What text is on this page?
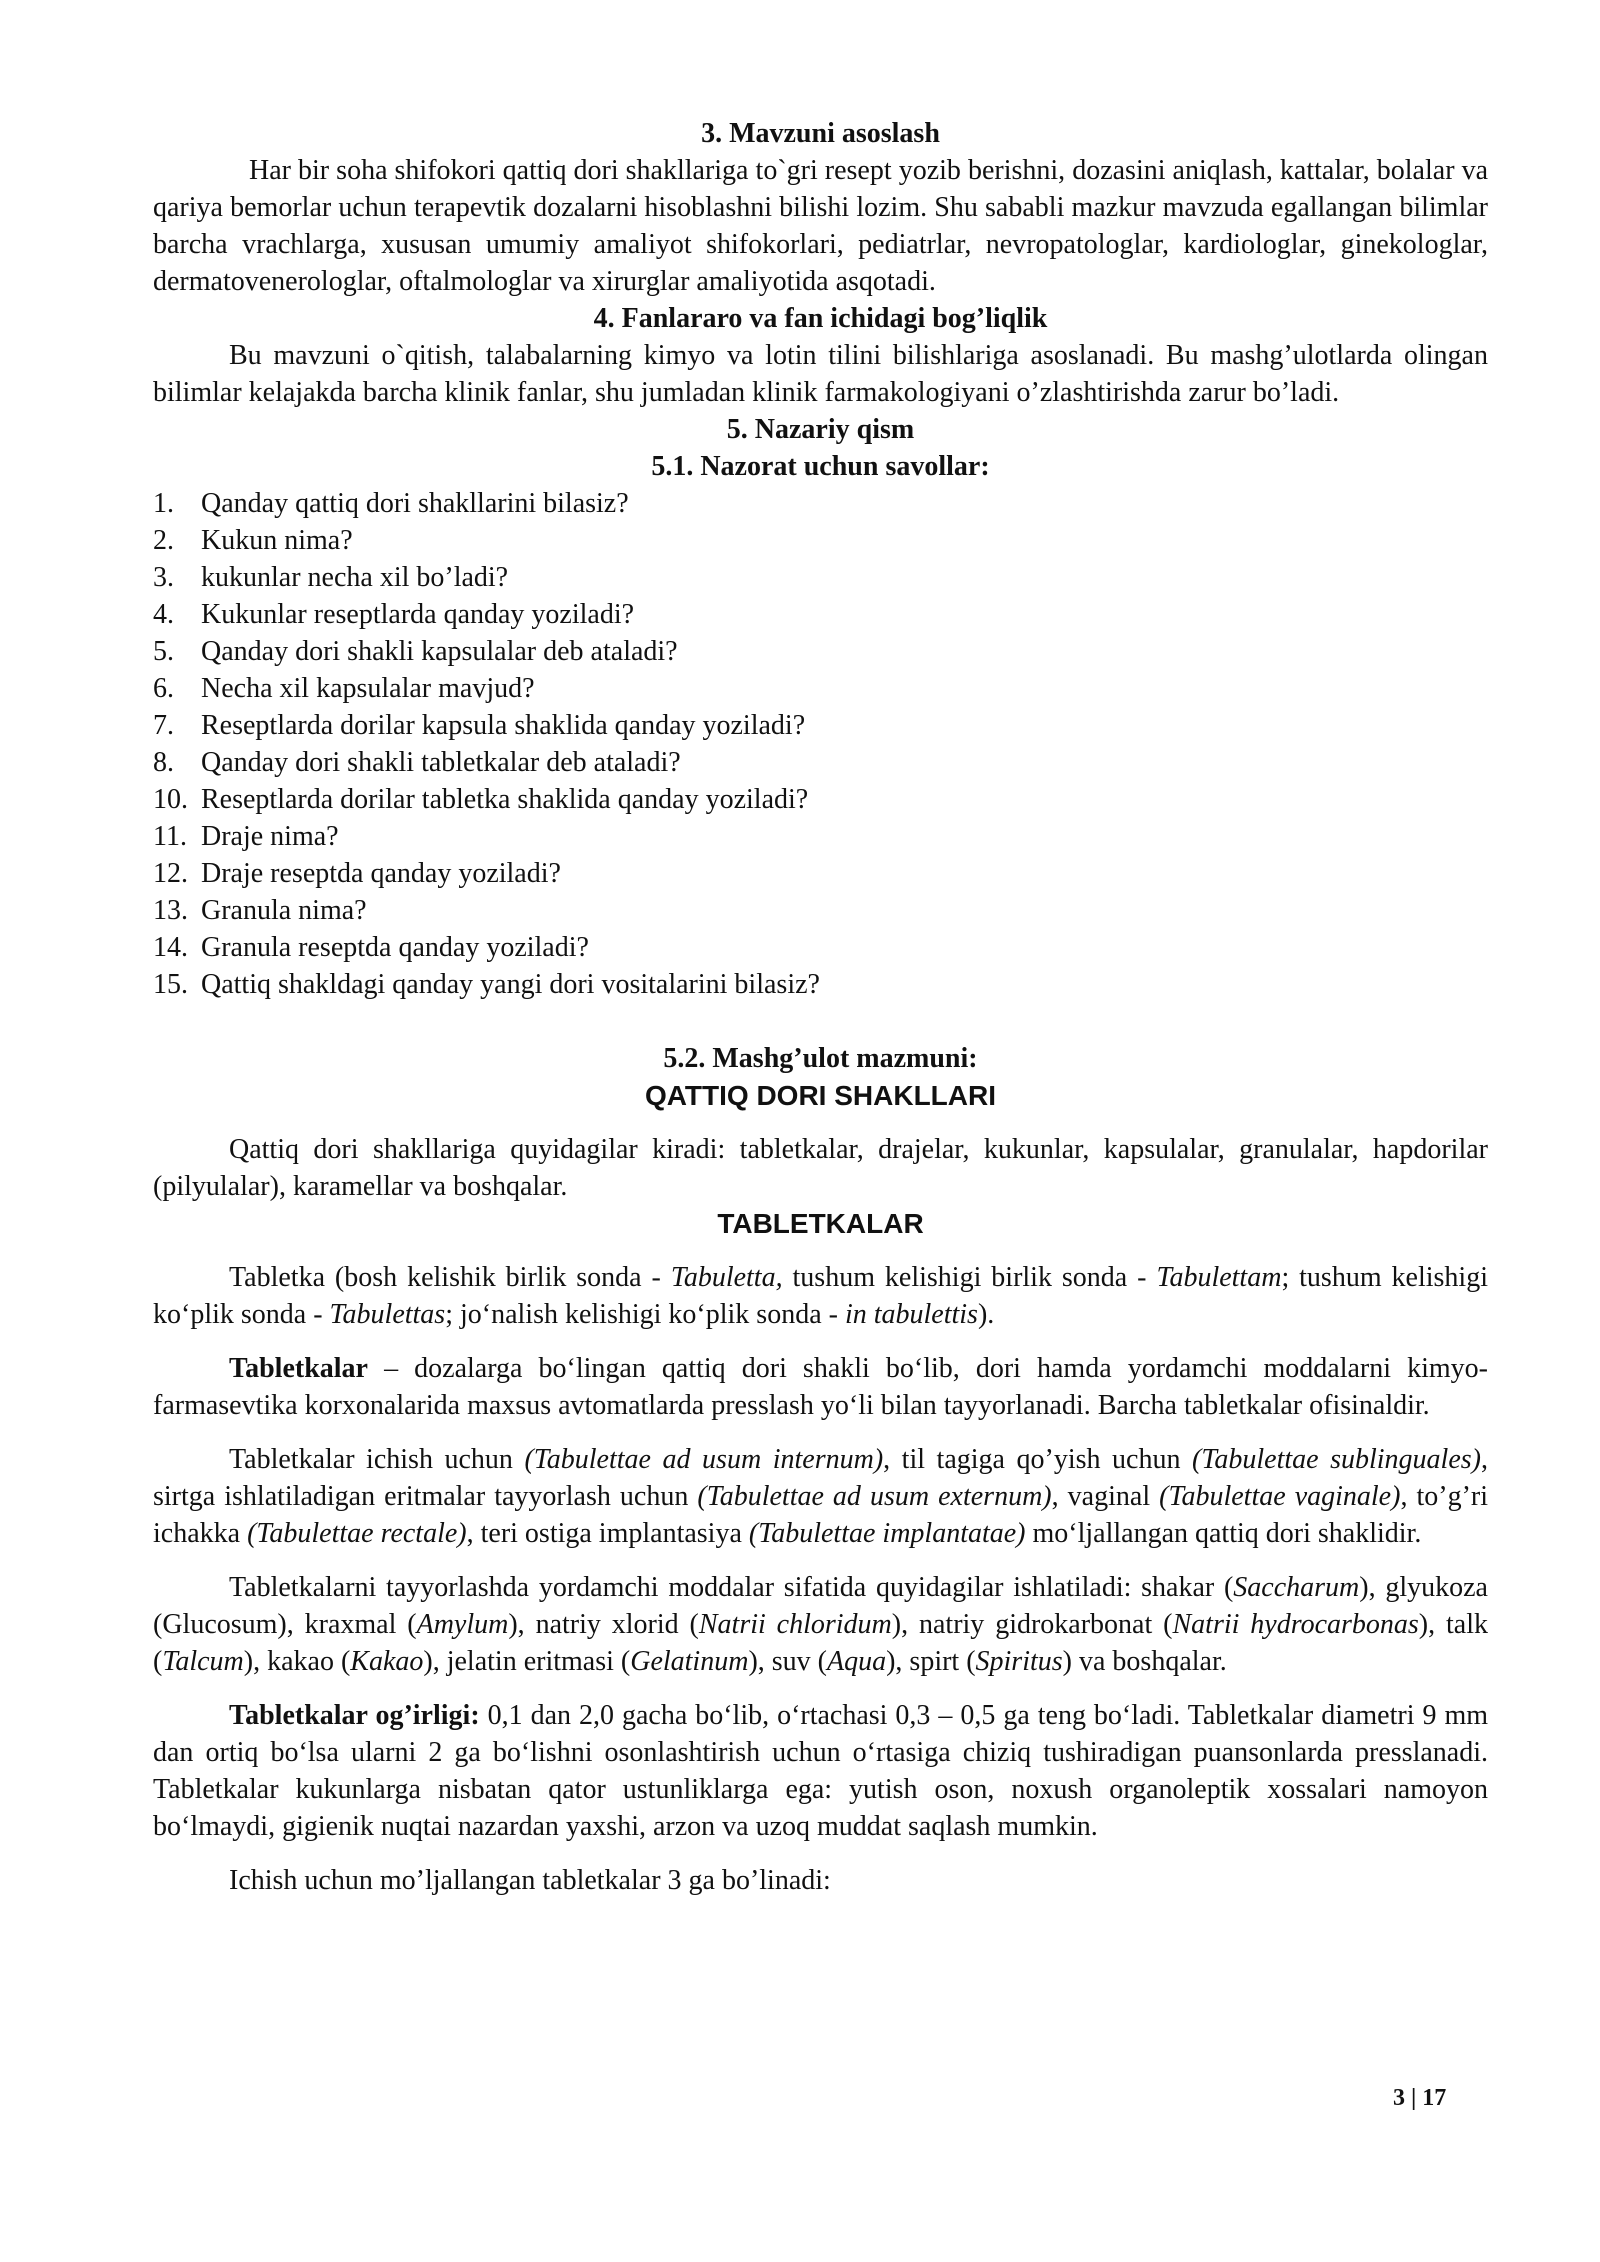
3. Mavzuni asoslash

Har bir soha shifokori qattiq dori shakllariga to`gri resept yozib berishni, dozasini aniqlash, kattalar, bolalar va qariya bemorlar uchun terapevtik dozalarni hisoblashni bilishi lozim. Shu sababli mazkur mavzuda egallangan bilimlar barcha vrachlarga, xususan umumiy amaliyot shifokorlari, pediatrlar, nevropatologlar, kardiologlar, ginekologlar, dermatovenerologlar, oftalmologlar va xirurglar amaliyotida asqotadi.

4. Fanlararo va fan ichidagi bog’liqlik

Bu mavzuni o`qitish, talabalarning kimyo va lotin tilini bilishlariga asoslanadi. Bu mashg’ulotlarda olingan bilimlar kelajakda barcha klinik fanlar, shu jumladan klinik farmakologiyani o’zlashtirishda zarur bo’ladi.

5. Nazariy qism
5.1. Nazorat uchun savollar:
1. Qanday qattiq dori shakllarini bilasiz?
2. Kukun nima?
3. kukunlar necha xil bo’ladi?
4. Kukunlar reseptlarda qanday yoziladi?
5. Qanday dori shakli kapsulalar deb ataladi?
6. Necha xil kapsulalar mavjud?
7. Reseptlarda dorilar kapsula shaklida qanday yoziladi?
8. Qanday dori shakli tabletkalar deb ataladi?
10. Reseptlarda dorilar tabletka shaklida qanday yoziladi?
11. Draje nima?
12. Draje reseptda qanday yoziladi?
13. Granula nima?
14. Granula reseptda qanday yoziladi?
15. Qattiq shakldagi qanday yangi dori vositalarini bilasiz?
5.2. Mashg’ulot mazmuni:
QATTIQ DORI SHAKLLARI

Qattiq dori shakllariga quyidagilar kiradi: tabletkalar, drajelar, kukunlar, kapsulalar, granulalar, hapdorilar (pilyulalar), karamellar va boshqalar.

TABLETKALAR

Tabletka (bosh kelishik birlik sonda - Tabuletta, tushum kelishigi birlik sonda - Tabulettam; tushum kelishigi ko‘plik sonda - Tabulettas; jo‘nalish kelishigi ko‘plik sonda - in tabulettis).

Tabletkalar – dozalarga bo‘lingan qattiq dori shakli bo‘lib, dori hamda yordamchi moddalarni kimyo-farmasevtika korxonalarida maxsus avtomatlarda presslash yo‘li bilan tayyorlanadi. Barcha tabletkalar ofisinaldir.

Tabletkalar ichish uchun (Tabulettae ad usum internum), til tagiga qo’yish uchun (Tabulettae sublinguales), sirtga ishlatiladigan eritmalar tayyorlash uchun (Tabulettae ad usum externum), vaginal (Tabulettae vaginale), to’g’ri ichakka (Tabulettae rectale), teri ostiga implantasiya (Tabulettae implantatae) mo‘ljallangan qattiq dori shaklidir.

Tabletkalarni tayyorlashda yordamchi moddalar sifatida quyidagilar ishlatiladi: shakar (Saccharum), glyukoza (Glucosum), kraxmal (Amylum), natriy xlorid (Natrii chloridum), natriy gidrokarbonat (Natrii hydrocarbonas), talk (Talcum), kakao (Kakao), jelatin eritmasi (Gelatinum), suv (Aqua), spirt (Spiritus) va boshqalar.

Tabletkalar og’irligi: 0,1 dan 2,0 gacha bo‘lib, o‘rtachasi 0,3 – 0,5 ga teng bo‘ladi. Tabletkalar diametri 9 mm dan ortiq bo‘lsa ularni 2 ga bo‘lishni osonlashtirish uchun o‘rtasiga chiziq tushiradigan puansonlarda presslanadi. Tabletkalar kukunlarga nisbatan qator ustunliklarga ega: yutish oson, noxush organoleptik xossalari namoyon bo‘lmaydi, gigienik nuqtai nazardan yaxshi, arzon va uzoq muddat saqlash mumkin.

Ichish uchun mo’ljallangan tabletkalar 3 ga bo’linadi:

3 | 17
